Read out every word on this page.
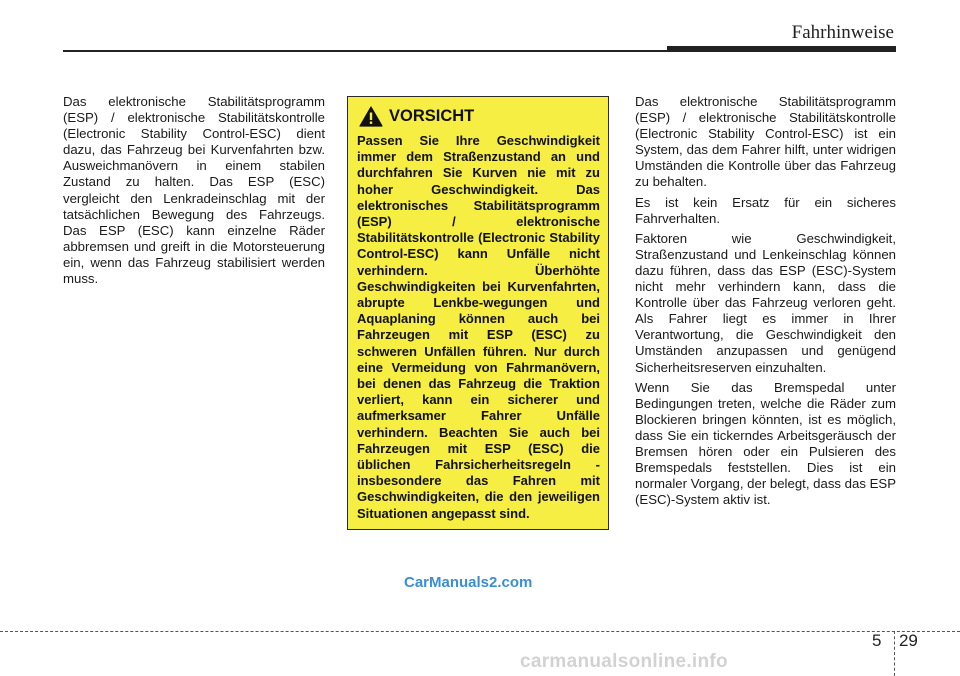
Fahrhinweise

Das elektronische Stabilitätsprogramm (ESP) / elektronische Stabilitätskontrolle (Electronic Stability Control-ESC) dient dazu, das Fahrzeug bei Kurvenfahrten bzw. Ausweichmanövern in einem stabilen Zustand zu halten. Das ESP (ESC) vergleicht den Lenkradeinschlag mit der tatsächlichen Bewegung des Fahrzeugs. Das ESP (ESC) kann einzelne Räder abbremsen und greift in die Motorsteuerung ein, wenn das Fahrzeug stabilisiert werden muss.

VORSICHT

Passen Sie Ihre Geschwindigkeit immer dem Straßenzustand an und durchfahren Sie Kurven nie mit zu hoher Geschwindigkeit. Das elektronisches Stabilitätsprogramm (ESP) / elektronische Stabilitätskontrolle (Electronic Stability Control-ESC) kann Unfälle nicht verhindern. Überhöhte Geschwindigkeiten bei Kurvenfahrten, abrupte Lenkbe-wegungen und Aquaplaning können auch bei Fahrzeugen mit ESP (ESC) zu schweren Unfällen führen. Nur durch eine Vermeidung von Fahrmanövern, bei denen das Fahrzeug die Traktion verliert, kann ein sicherer und aufmerksamer Fahrer Unfälle verhindern. Beachten Sie auch bei Fahrzeugen mit ESP (ESC) die üblichen Fahrsicherheitsregeln - insbesondere das Fahren mit Geschwindigkeiten, die den jeweiligen Situationen angepasst sind.

Das elektronische Stabilitätsprogramm (ESP) / elektronische Stabilitätskontrolle (Electronic Stability Control-ESC) ist ein System, das dem Fahrer hilft, unter widrigen Umständen die Kontrolle über das Fahrzeug zu behalten.

Es ist kein Ersatz für ein sicheres Fahrverhalten.

Faktoren wie Geschwindigkeit, Straßenzustand und Lenkeinschlag können dazu führen, dass das ESP (ESC)-System nicht mehr verhindern kann, dass die Kontrolle über das Fahrzeug verloren geht. Als Fahrer liegt es immer in Ihrer Verantwortung, die Geschwindigkeit den Umständen anzupassen und genügend Sicherheitsreserven einzuhalten.

Wenn Sie das Bremspedal unter Bedingungen treten, welche die Räder zum Blockieren bringen könnten, ist es möglich, dass Sie ein tickerndes Arbeitsgeräusch der Bremsen hören oder ein Pulsieren des Bremspedals feststellen. Dies ist ein normaler Vorgang, der belegt, dass das ESP (ESC)-System aktiv ist.

CarManuals2.com
5 29
carmanualsonline.info
